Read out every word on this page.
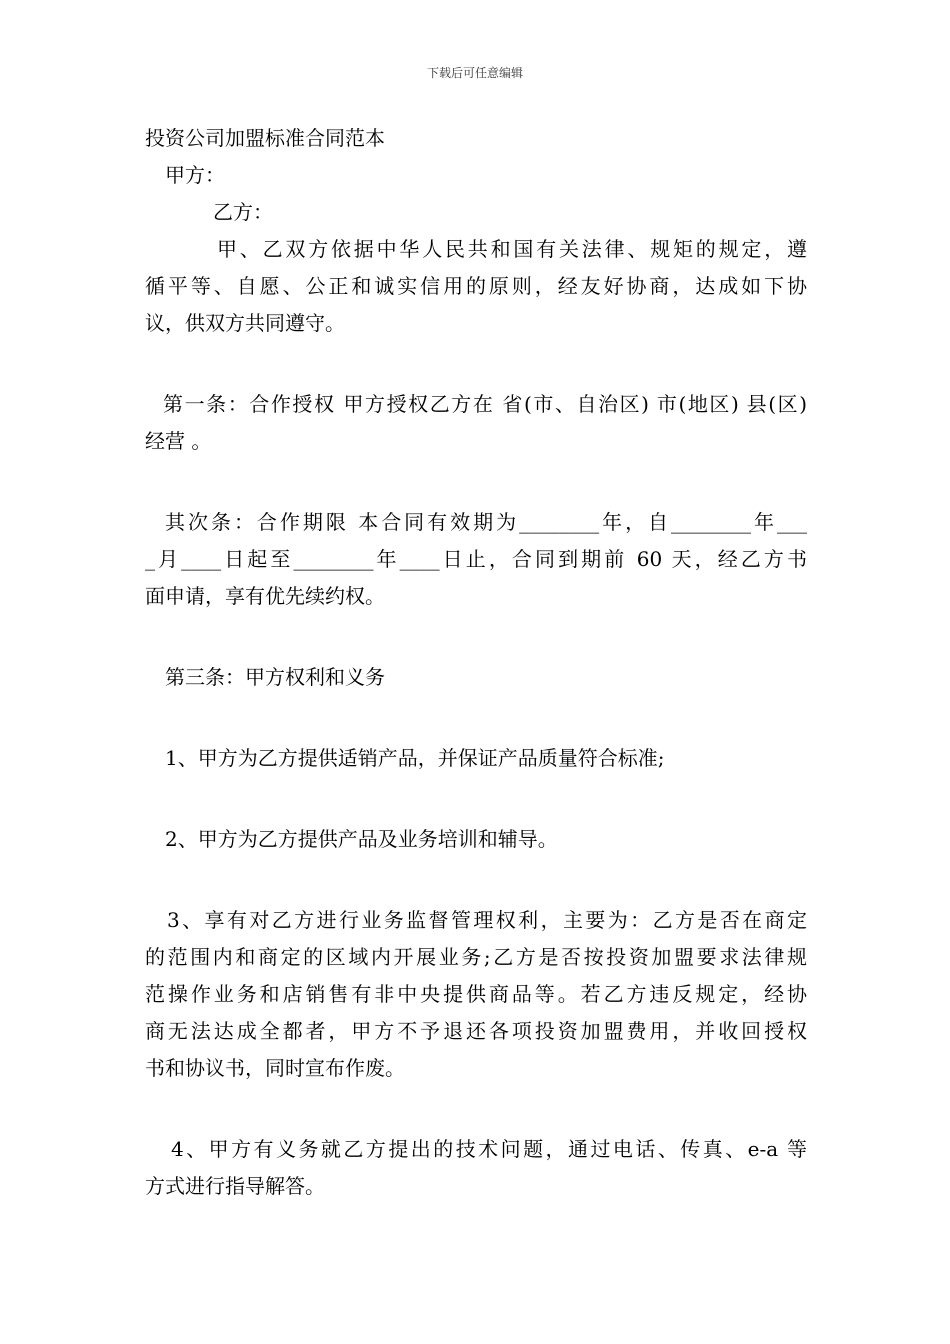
下载后可任意编辑
投资公司加盟标准合同范本
甲方：
乙方：
甲、乙双方依据中华人民共和国有关法律、规矩的规定，遵
循平等、自愿、公正和诚实信用的原则，经友好协商，达成如下协
议，供双方共同遵守。
第一条：合作授权 甲方授权乙方在 省(市、自治区) 市(地区) 县(区)
经营 。
其次条：合作期限 本合同有效期为________年，自________年___
_月____日起至________年____日止，合同到期前 60 天，经乙方书
面申请，享有优先续约权。
第三条：甲方权利和义务
1、甲方为乙方提供适销产品，并保证产品质量符合标准;
2、甲方为乙方提供产品及业务培训和辅导。
3、享有对乙方进行业务监督管理权利，主要为：乙方是否在商定
的范围内和商定的区域内开展业务;乙方是否按投资加盟要求法律规
范操作业务和店销售有非中央提供商品等。若乙方违反规定，经协
商无法达成全都者，甲方不予退还各项投资加盟费用，并收回授权
书和协议书，同时宣布作废。
4、甲方有义务就乙方提出的技术问题，通过电话、传真、e-a 等
方式进行指导解答。
